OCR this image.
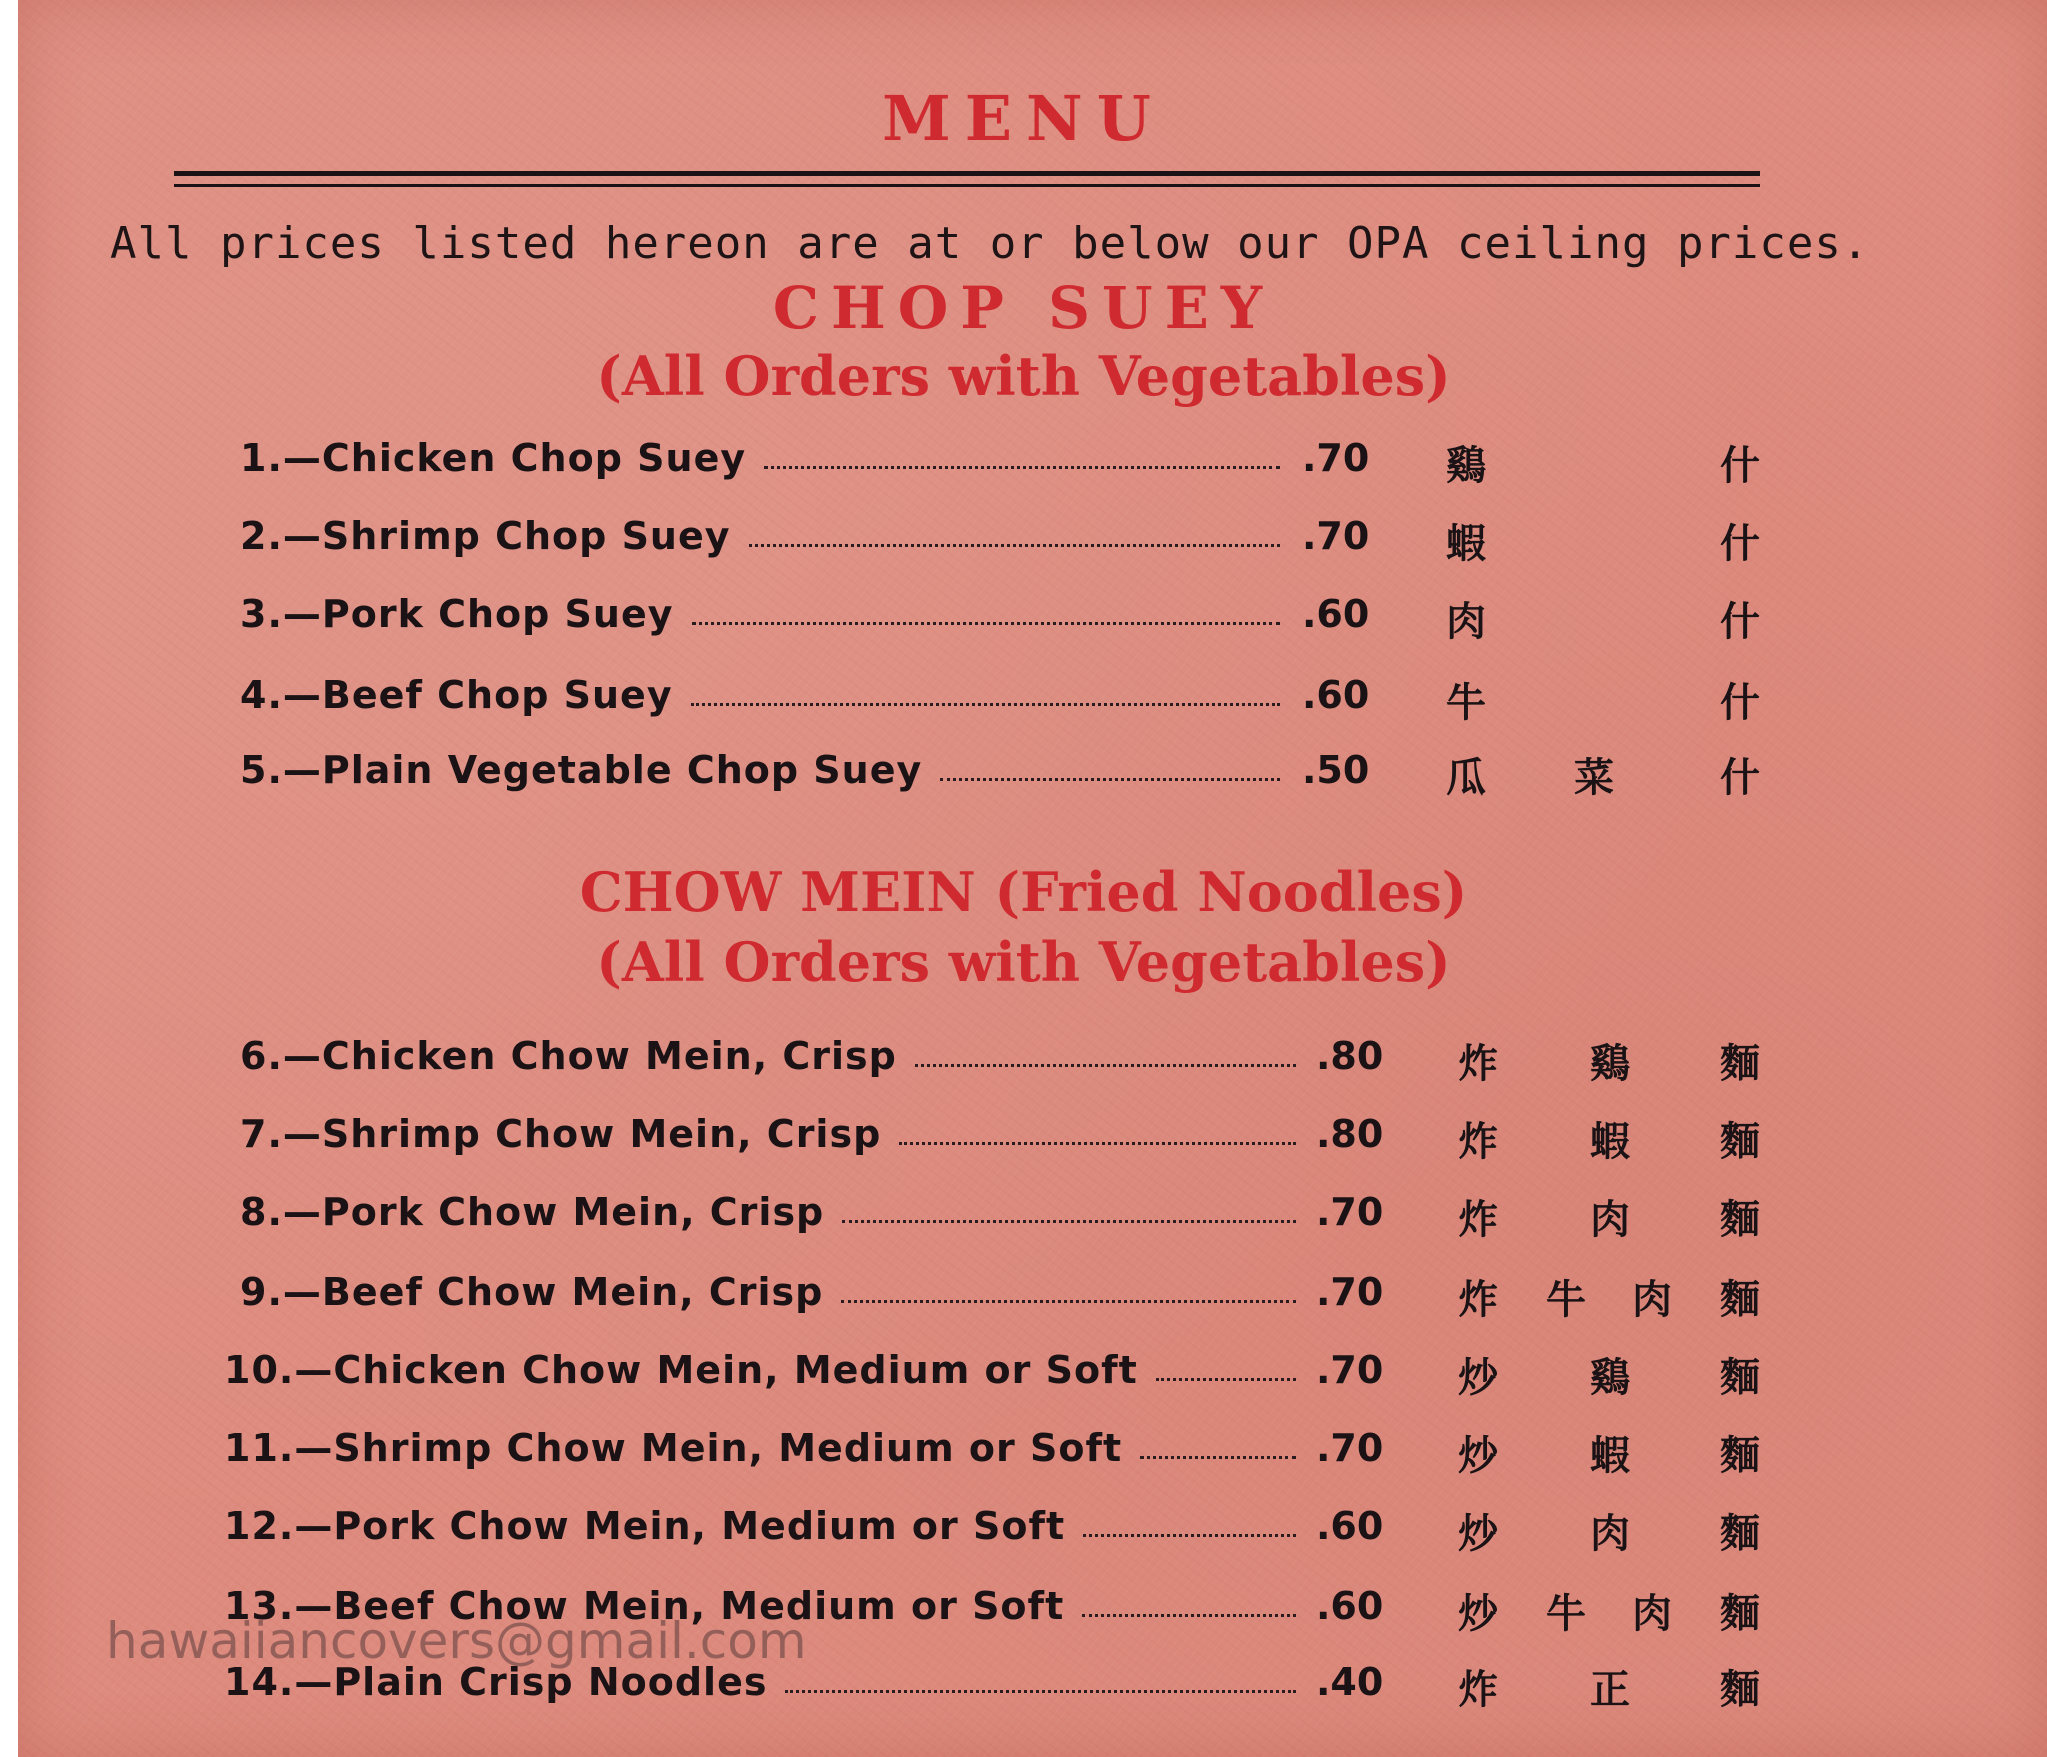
MENU
All prices listed hereon are at or below our OPA ceiling prices.
CHOP SUEY
(All Orders with Vegetables)
CHOW MEIN (Fried Noodles)
(All Orders with Vegetables)
1.—Chicken Chop Suey	.70 鷄	什
2.—Shrimp Chop Suey	.70 蝦	什
3.—Pork Chop Suey	.60 肉	什
4.—Beef Chop Suey	.60 牛	什
5.—Plain Vegetable Chop Suey	.50 瓜 菜	什
6.—Chicken Chow Mein, Crisp	.80 炸 鷄 麵
7.—Shrimp Chow Mein, Crisp	.80 炸 蝦 麵
8.—Pork Chow Mein, Crisp	.70 炸 肉 麵
9.—Beef Chow Mein, Crisp	.70 炸 牛 肉 麵
10.—Chicken Chow Mein, Medium or Soft	.70 炒 鷄 麵
11.—Shrimp Chow Mein, Medium or Soft	.70 炒 蝦 麵
12.—Pork Chow Mein, Medium or Soft	.60 炒 肉 麵
13.—Beef Chow Mein, Medium or Soft	.60 炒 牛 肉 麵
14.—Plain Crisp Noodles	.40 炸 正 麵
hawaiiancovers@gmail.com
